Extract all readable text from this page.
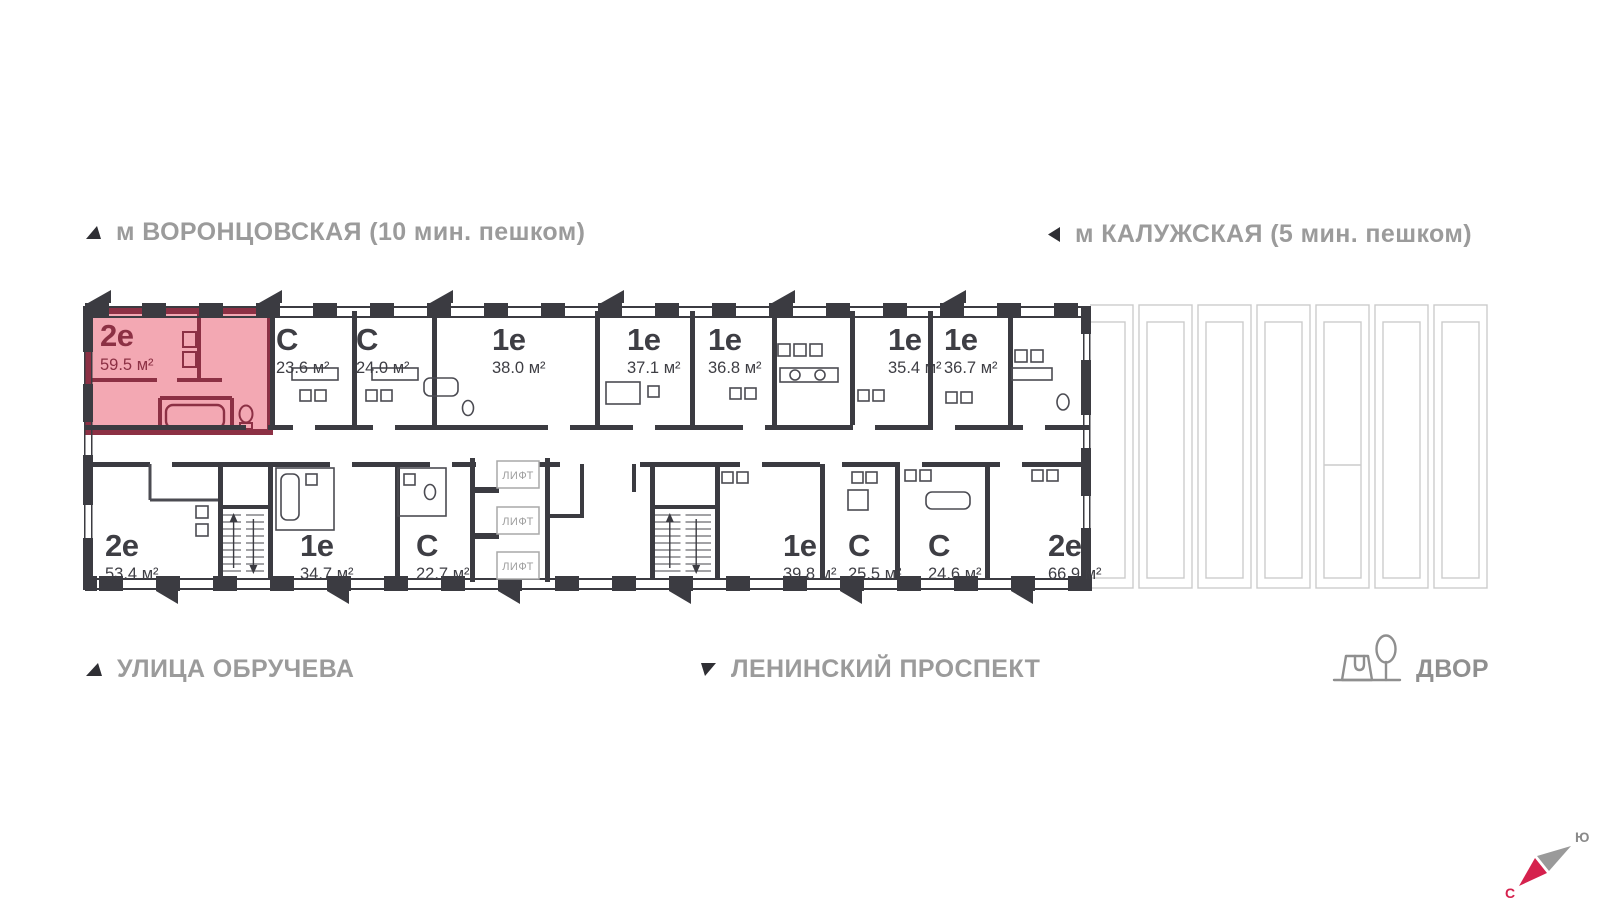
м ВОРОНЦОВСКАЯ (10 мин. пешком)	м КАЛУЖСКАЯ (5 мин. пешком)
УЛИЦА ОБРУЧЕВА	ЛЕНИНСКИЙ ПРОСПЕКТ	ДВОР
Ю
С
ЛИФТ
ЛИФТ
ЛИФТ
2е
59.5 м²
С
23.6 м²
С
24.0 м²
1е
38.0 м²
1е
37.1 м²
1е
36.8 м²
1е
35.4 м²
1е
36.7 м²
2е
53.4 м²
1е
34.7 м²
С
22.7 м²
1е
39.8 м²
С
25.5 м²
С
24.6 м²
2е
66.9 м²
